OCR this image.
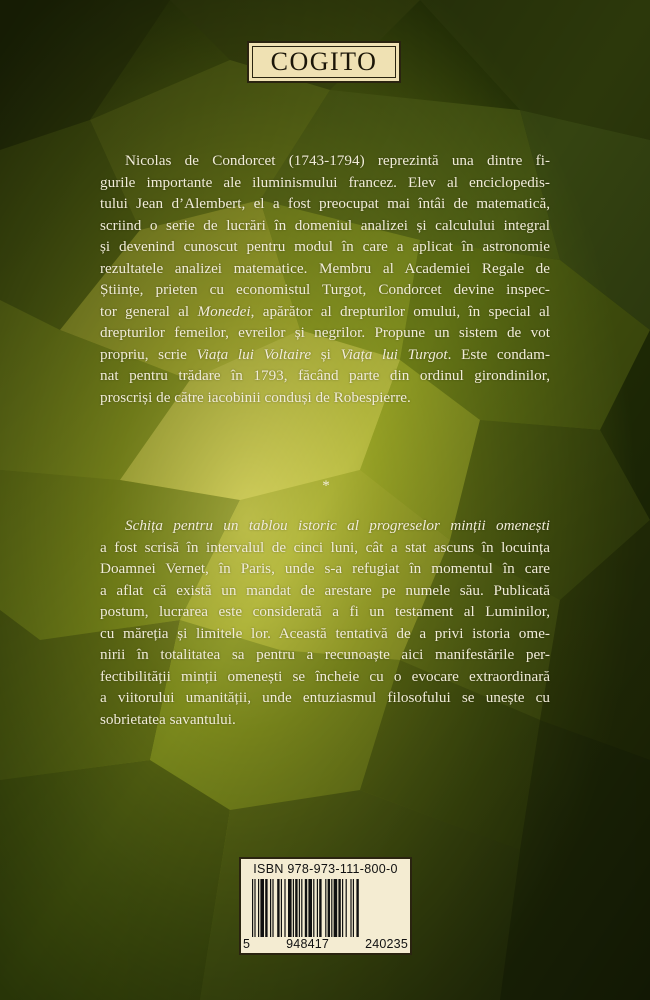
COGITO
Nicolas de Condorcet (1743-1794) reprezintă una dintre fi-
gurile importante ale iluminismului francez. Elev al enciclopedis-
tului Jean d’Alembert, el a fost preocupat mai întâi de matematică,
scriind o serie de lucrări în domeniul analizei și calculului integral
și devenind cunoscut pentru modul în care a aplicat în astronomie
rezultatele analizei matematice. Membru al Academiei Regale de
Științe, prieten cu economistul Turgot, Condorcet devine inspec-
tor general al Monedei, apărător al drepturilor omului, în special al
drepturilor femeilor, evreilor și negrilor. Propune un sistem de vot
propriu, scrie Viața lui Voltaire și Viața lui Turgot. Este condam-
nat pentru trădare în 1793, făcând parte din ordinul girondinilor,
proscriși de către iacobinii conduși de Robespierre.
*
Schița pentru un tablou istoric al progreselor minții omenești
a fost scrisă în intervalul de cinci luni, cât a stat ascuns în locuința
Doamnei Vernet, în Paris, unde s-a refugiat în momentul în care
a aflat că există un mandat de arestare pe numele său. Publicată
postum, lucrarea este considerată a fi un testament al Luminilor,
cu măreția și limitele lor. Această tentativă de a privi istoria ome-
nirii în totalitatea sa pentru a recunoaște aici manifestările per-
fectibilității minții omenești se încheie cu o evocare extraordinară
a viitorului umanității, unde entuziasmul filosofului se unește cu
sobrietatea savantului.
ISBN 978-973-111-800-0
5	948417	240235
